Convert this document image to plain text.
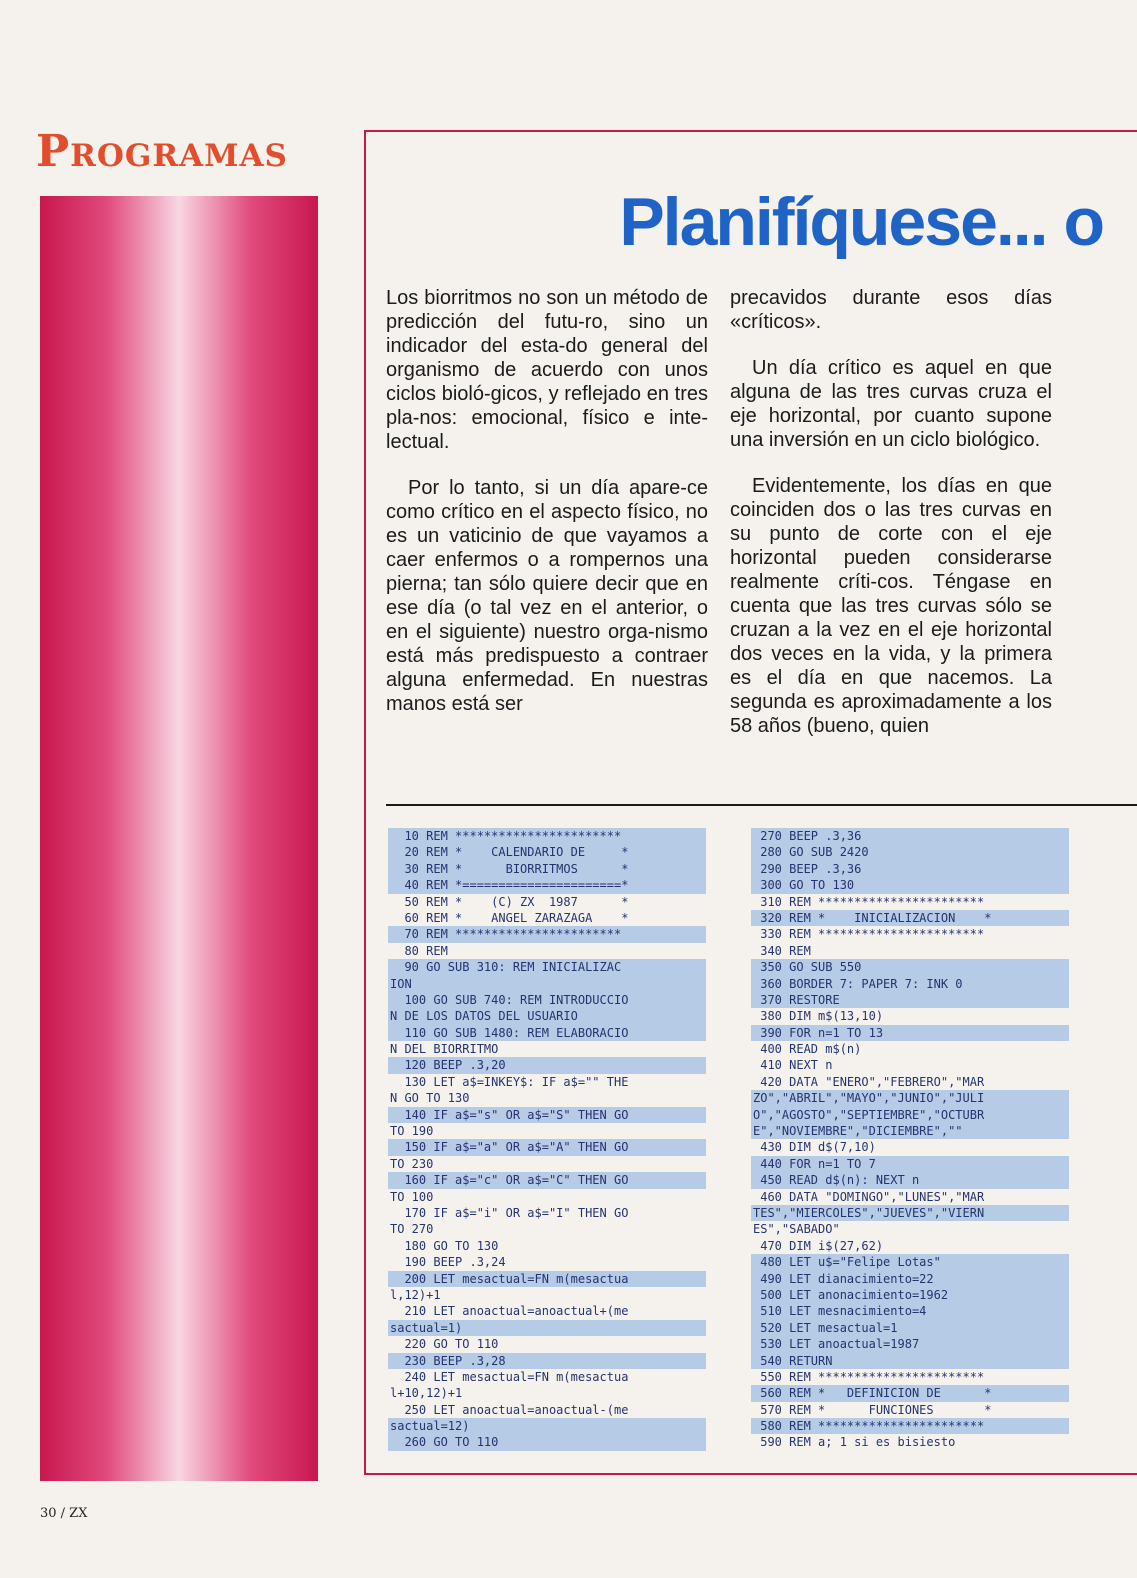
Programas
Planifíquese... o

Los biorritmos no son un método de predicción del futu-ro, sino un indicador del esta-do general del organismo de acuerdo con unos ciclos bioló-gicos, y reflejado en tres pla-nos: emocional, físico e inte-lectual.

Por lo tanto, si un día apare-ce como crítico en el aspecto físico, no es un vaticinio de que vayamos a caer enfermos o a rompernos una pierna; tan sólo quiere decir que en ese día (o tal vez en el anterior, o en el siguiente) nuestro orga-nismo está más predispuesto a contraer alguna enfermedad. En nuestras manos está ser

precavidos durante esos días «críticos».

Un día crítico es aquel en que alguna de las tres curvas cruza el eje horizontal, por cuanto supone una inversión en un ciclo biológico.

Evidentemente, los días en que coinciden dos o las tres curvas en su punto de corte con el eje horizontal pueden considerarse realmente críti-cos. Téngase en cuenta que las tres curvas sólo se cruzan a la vez en el eje horizontal dos veces en la vida, y la primera es el día en que nacemos. La segunda es aproximadamente a los 58 años (bueno, quien

10 REM ***********************
20 REM *    CALENDARIO DE     *
30 REM *      BIORRITMOS      *
40 REM *======================*
50 REM *    (C) ZX  1987      *
60 REM *    ANGEL ZARAZAGA    *
70 REM ***********************
80 REM
90 GO SUB 310: REM INICIALIZAC
ION
100 GO SUB 740: REM INTRODUCCIO
N DE LOS DATOS DEL USUARIO
110 GO SUB 1480: REM ELABORACIO
N DEL BIORRITMO
120 BEEP .3,20
130 LET a$=INKEY$: IF a$="" THE
N GO TO 130
140 IF a$="s" OR a$="S" THEN GO
TO 190
150 IF a$="a" OR a$="A" THEN GO
TO 230
160 IF a$="c" OR a$="C" THEN GO
TO 100
170 IF a$="i" OR a$="I" THEN GO
TO 270
180 GO TO 130
190 BEEP .3,24
200 LET mesactual=FN m(mesactua
l,12)+1
210 LET anoactual=anoactual+(me
sactual=1)
220 GO TO 110
230 BEEP .3,28
240 LET mesactual=FN m(mesactua
l+10,12)+1
250 LET anoactual=anoactual-(me
sactual=12)
260 GO TO 110
270 BEEP .3,36
280 GO SUB 2420
290 BEEP .3,36
300 GO TO 130
310 REM ***********************
320 REM *    INICIALIZACION    *
330 REM ***********************
340 REM
350 GO SUB 550
360 BORDER 7: PAPER 7: INK 0
370 RESTORE
380 DIM m$(13,10)
390 FOR n=1 TO 13
400 READ m$(n)
410 NEXT n
420 DATA "ENERO","FEBRERO","MAR
ZO","ABRIL","MAYO","JUNIO","JULI
O","AGOSTO","SEPTIEMBRE","OCTUBR
E","NOVIEMBRE","DICIEMBRE",""
430 DIM d$(7,10)
440 FOR n=1 TO 7
450 READ d$(n): NEXT n
460 DATA "DOMINGO","LUNES","MAR
TES","MIERCOLES","JUEVES","VIERN
ES","SABADO"
470 DIM i$(27,62)
480 LET u$="Felipe Lotas"
490 LET dianacimiento=22
500 LET anonacimiento=1962
510 LET mesnacimiento=4
520 LET mesactual=1
530 LET anoactual=1987
540 RETURN
550 REM ***********************
560 REM *   DEFINICION DE      *
570 REM *      FUNCIONES       *
580 REM ***********************
590 REM a; 1 si es bisiesto

30 / ZX
